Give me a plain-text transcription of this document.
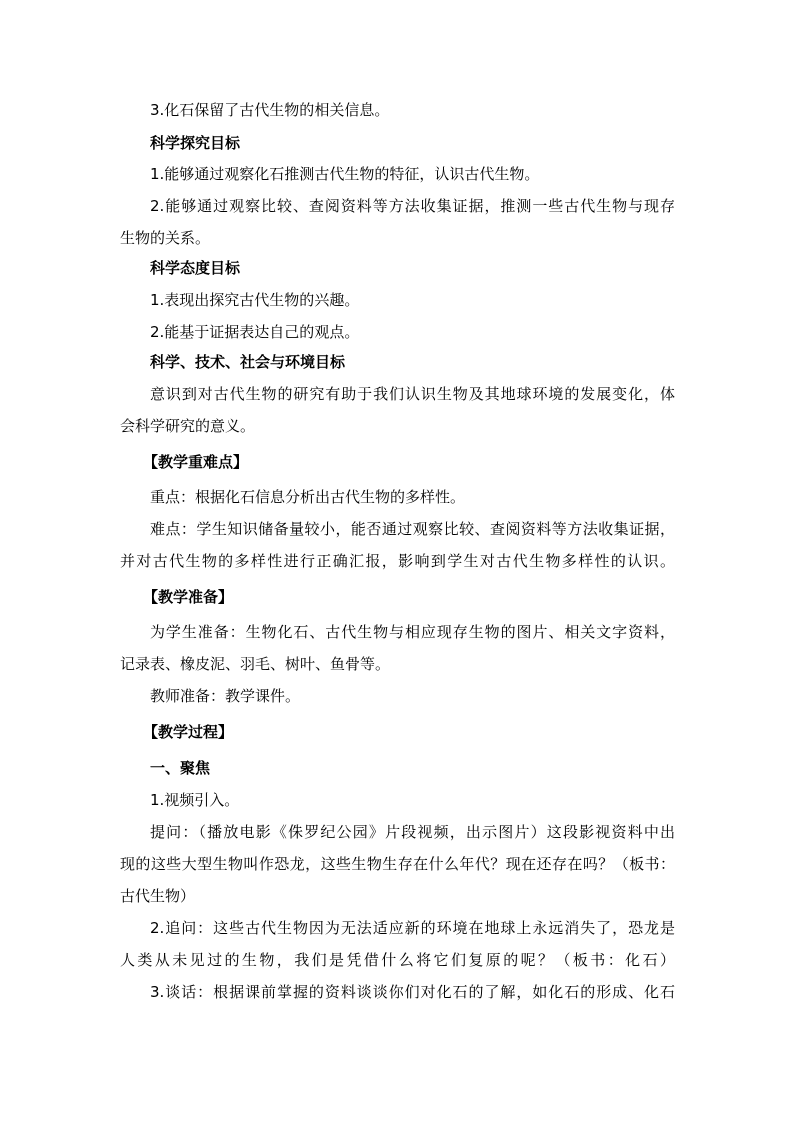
3.化石保留了古代生物的相关信息。
科学探究目标
1.能够通过观察化石推测古代生物的特征，认识古代生物。
2.能够通过观察比较、查阅资料等方法收集证据，推测一些古代生物与现存
生物的关系。
科学态度目标
1.表现出探究古代生物的兴趣。
2.能基于证据表达自己的观点。
科学、技术、社会与环境目标
意识到对古代生物的研究有助于我们认识生物及其地球环境的发展变化，体
会科学研究的意义。
【教学重难点】
重点：根据化石信息分析出古代生物的多样性。
难点：学生知识储备量较小，能否通过观察比较、查阅资料等方法收集证据，
并对古代生物的多样性进行正确汇报，影响到学生对古代生物多样性的认识。
【教学准备】
为学生准备：生物化石、古代生物与相应现存生物的图片、相关文字资料，
记录表、橡皮泥、羽毛、树叶、鱼骨等。
教师准备：教学课件。
【教学过程】
一、聚焦
1.视频引入。
提问：（播放电影《侏罗纪公园》片段视频，出示图片）这段影视资料中出
现的这些大型生物叫作恐龙，这些生物生存在什么年代？现在还存在吗？（板书：
古代生物）
2.追问：这些古代生物因为无法适应新的环境在地球上永远消失了，恐龙是
人类从未见过的生物，我们是凭借什么将它们复原的呢？（板书：化石）
3.谈话：根据课前掌握的资料谈谈你们对化石的了解，如化石的形成、化石
